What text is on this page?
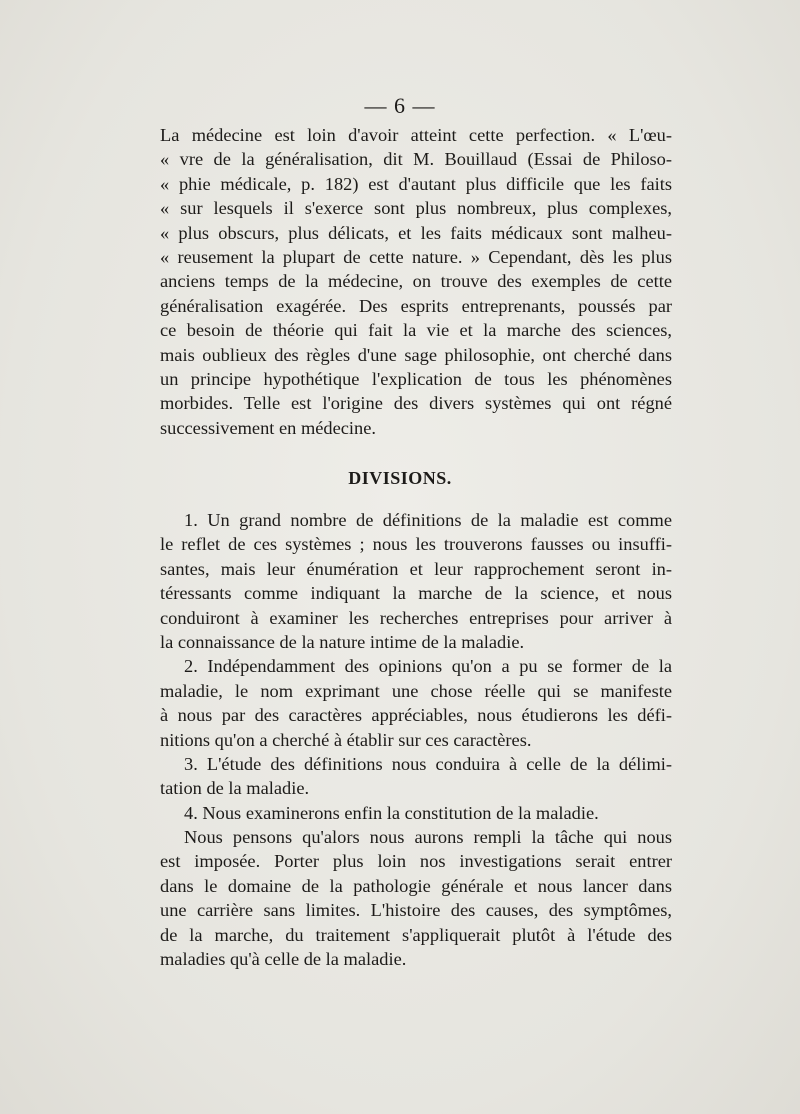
— 6 —
La médecine est loin d'avoir atteint cette perfection. « L'œu-
« vre de la généralisation, dit M. Bouillaud (Essai de Philoso-
« phie médicale, p. 182) est d'autant plus difficile que les faits
« sur lesquels il s'exerce sont plus nombreux, plus complexes,
« plus obscurs, plus délicats, et les faits médicaux sont malheu-
« reusement la plupart de cette nature. » Cependant, dès les plus
anciens temps de la médecine, on trouve des exemples de cette
généralisation exagérée. Des esprits entreprenants, poussés par
ce besoin de théorie qui fait la vie et la marche des sciences,
mais oublieux des règles d'une sage philosophie, ont cherché dans
un principe hypothétique l'explication de tous les phénomènes
morbides. Telle est l'origine des divers systèmes qui ont régné
successivement en médecine.
DIVISIONS.
1. Un grand nombre de définitions de la maladie est comme
le reflet de ces systèmes ; nous les trouverons fausses ou insuffi-
santes, mais leur énumération et leur rapprochement seront in-
téressants comme indiquant la marche de la science, et nous
conduiront à examiner les recherches entreprises pour arriver à
la connaissance de la nature intime de la maladie.
2. Indépendamment des opinions qu'on a pu se former de la
maladie, le nom exprimant une chose réelle qui se manifeste
à nous par des caractères appréciables, nous étudierons les défi-
nitions qu'on a cherché à établir sur ces caractères.
3. L'étude des définitions nous conduira à celle de la délimi-
tation de la maladie.
4. Nous examinerons enfin la constitution de la maladie.
Nous pensons qu'alors nous aurons rempli la tâche qui nous
est imposée. Porter plus loin nos investigations serait entrer
dans le domaine de la pathologie générale et nous lancer dans
une carrière sans limites. L'histoire des causes, des symptômes,
de la marche, du traitement s'appliquerait plutôt à l'étude des
maladies qu'à celle de la maladie.
